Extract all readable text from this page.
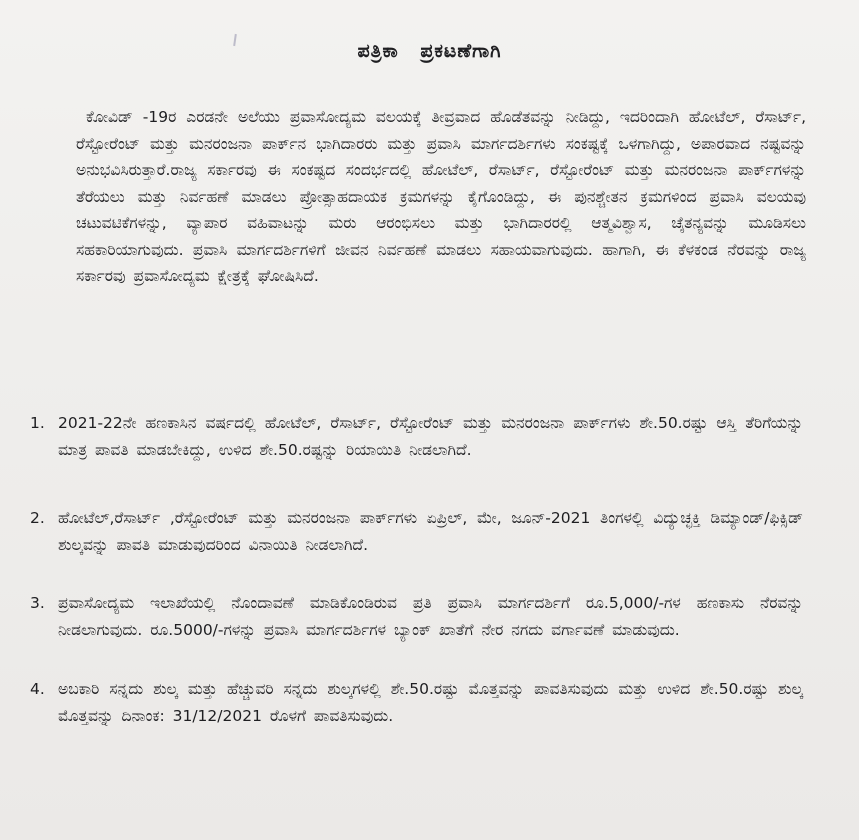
ಪತ್ರಿಕಾ ಪ್ರಕಟಣೆಗಾಗಿ
ಕೋವಿಡ್ -19ರ ಎರಡನೇ ಅಲೆಯು ಪ್ರವಾಸೋದ್ಯಮ ವಲಯಕ್ಕೆ ತೀವ್ರವಾದ ಹೊಡೆತವನ್ನು ನೀಡಿದ್ದು, ಇದರಿಂದಾಗಿ ಹೋಟೆಲ್, ರೆಸಾರ್ಟ್, ರೆಸ್ಟೋರೆಂಟ್ ಮತ್ತು ಮನರಂಜನಾ ಪಾರ್ಕ್‌ನ ಭಾಗಿದಾರರು ಮತ್ತು ಪ್ರವಾಸಿ ಮಾರ್ಗದರ್ಶಿಗಳು ಸಂಕಷ್ಟಕ್ಕೆ ಒಳಗಾಗಿದ್ದು, ಅಪಾರವಾದ ನಷ್ಟವನ್ನು ಅನುಭವಿಸಿರುತ್ತಾರೆ.ರಾಜ್ಯ ಸರ್ಕಾರವು ಈ ಸಂಕಷ್ಟದ ಸಂದರ್ಭದಲ್ಲಿ ಹೋಟೆಲ್, ರೆಸಾರ್ಟ್, ರೆಸ್ಟೋರೆಂಟ್ ಮತ್ತು ಮನರಂಜನಾ ಪಾರ್ಕ್‌ಗಳನ್ನು ತೆರೆಯಲು ಮತ್ತು ನಿರ್ವಹಣೆ ಮಾಡಲು ಪ್ರೋತ್ಸಾಹದಾಯಕ ಕ್ರಮಗಳನ್ನು ಕೈಗೊಂಡಿದ್ದು, ಈ ಪುನಶ್ಚೇತನ ಕ್ರಮಗಳಿಂದ ಪ್ರವಾಸಿ ವಲಯವು ಚಟುವಟಿಕೆಗಳನ್ನು, ವ್ಯಾಪಾರ ವಹಿವಾಟನ್ನು ಮರು ಆರಂಭಿಸಲು ಮತ್ತು ಭಾಗಿದಾರರಲ್ಲಿ ಆತ್ಮವಿಶ್ವಾಸ, ಚೈತನ್ಯವನ್ನು ಮೂಡಿಸಲು ಸಹಕಾರಿಯಾಗುವುದು. ಪ್ರವಾಸಿ ಮಾರ್ಗದರ್ಶಿಗಳಿಗೆ ಜೀವನ ನಿರ್ವಹಣೆ ಮಾಡಲು ಸಹಾಯವಾಗುವುದು. ಹಾಗಾಗಿ, ಈ ಕೆಳಕಂಡ ನೆರವನ್ನು ರಾಜ್ಯ ಸರ್ಕಾರವು ಪ್ರವಾಸೋದ್ಯಮ ಕ್ಷೇತ್ರಕ್ಕೆ ಘೋಷಿಸಿದೆ.
1. 2021-22ನೇ ಹಣಕಾಸಿನ ವರ್ಷದಲ್ಲಿ ಹೋಟೆಲ್, ರೆಸಾರ್ಟ್, ರೆಸ್ಟೋರೆಂಟ್ ಮತ್ತು ಮನರಂಜನಾ ಪಾರ್ಕ್‌ಗಳು ಶೇ.50.ರಷ್ಟು ಆಸ್ತಿ ತೆರಿಗೆಯನ್ನು ಮಾತ್ರ ಪಾವತಿ ಮಾಡಬೇಕಿದ್ದು, ಉಳಿದ ಶೇ.50.ರಷ್ಟನ್ನು ರಿಯಾಯಿತಿ ನೀಡಲಾಗಿದೆ.
2. ಹೋಟೆಲ್,ರೆಸಾರ್ಟ್ ,ರೆಸ್ಟೋರೆಂಟ್ ಮತ್ತು ಮನರಂಜನಾ ಪಾರ್ಕ್‌ಗಳು ಏಪ್ರಿಲ್, ಮೇ, ಜೂನ್-2021 ತಿಂಗಳಲ್ಲಿ ವಿದ್ಯುಚ್ಛಕ್ತಿ ಡಿಮ್ಯಾಂಡ್/ಫಿಕ್ಸಿಡ್ ಶುಲ್ಕವನ್ನು ಪಾವತಿ ಮಾಡುವುದರಿಂದ ವಿನಾಯಿತಿ ನೀಡಲಾಗಿದೆ.
3. ಪ್ರವಾಸೋದ್ಯಮ ಇಲಾಖೆಯಲ್ಲಿ ನೊಂದಾವಣೆ ಮಾಡಿಕೊಂಡಿರುವ ಪ್ರತಿ ಪ್ರವಾಸಿ ಮಾರ್ಗದರ್ಶಿಗೆ ರೂ.5,000/-ಗಳ ಹಣಕಾಸು ನೆರವನ್ನು ನೀಡಲಾಗುವುದು. ರೂ.5000/-ಗಳನ್ನು ಪ್ರವಾಸಿ ಮಾರ್ಗದರ್ಶಿಗಳ ಬ್ಯಾಂಕ್ ಖಾತೆಗೆ ನೇರ ನಗದು ವರ್ಗಾವಣೆ ಮಾಡುವುದು.
4. ಅಬಕಾರಿ ಸನ್ನದು ಶುಲ್ಕ ಮತ್ತು ಹೆಚ್ಚುವರಿ ಸನ್ನದು ಶುಲ್ಕಗಳಲ್ಲಿ ಶೇ.50.ರಷ್ಟು ಮೊತ್ತವನ್ನು ಪಾವತಿಸುವುದು ಮತ್ತು ಉಳಿದ ಶೇ.50.ರಷ್ಟು ಶುಲ್ಕ ಮೊತ್ತವನ್ನು ದಿನಾಂಕ: 31/12/2021 ರೊಳಗೆ ಪಾವತಿಸುವುದು.
